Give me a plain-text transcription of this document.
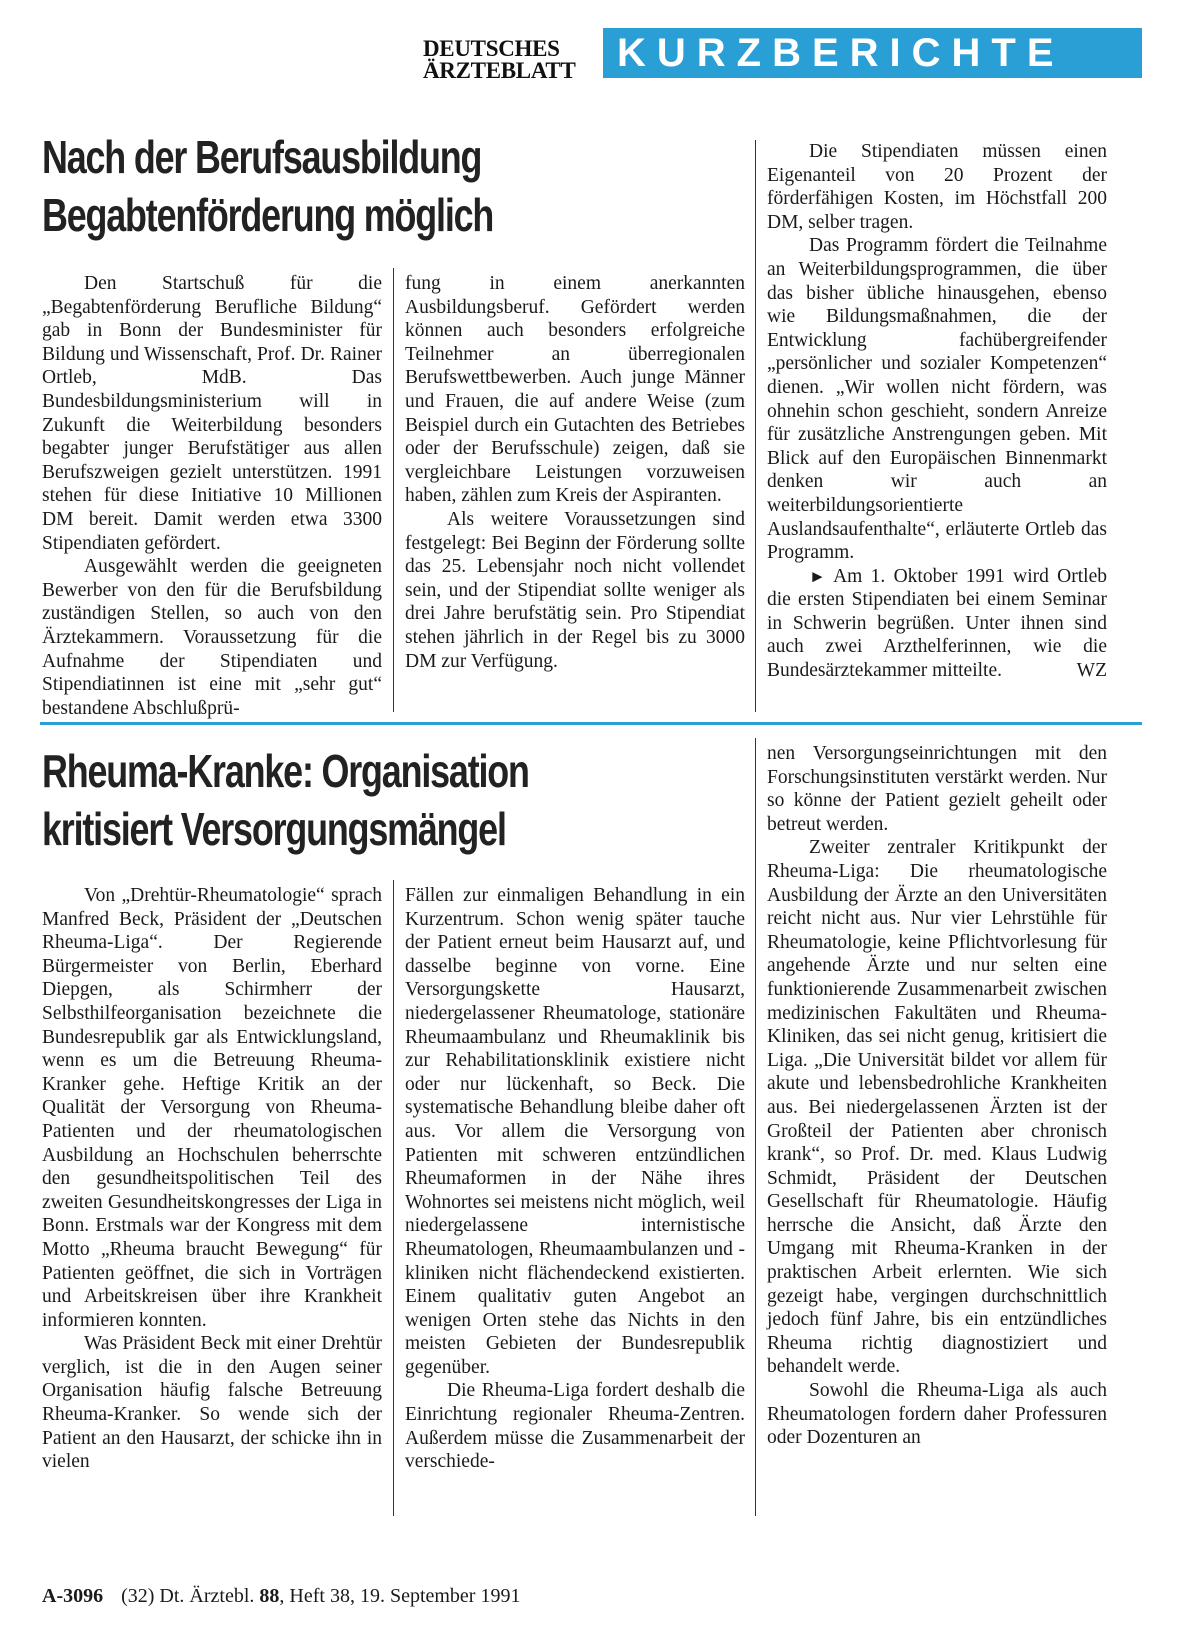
DEUTSCHES
ÄRZTEBLATT	KURZBERICHTE
Nach der Berufsausbildung
Begabtenförderung möglich

Den Startschuß für die „Begabtenförderung Berufliche Bildung“ gab in Bonn der Bundesminister für Bildung und Wissenschaft, Prof. Dr. Rainer Ortleb, MdB. Das Bundesbildungsministerium will in Zukunft die Weiterbildung besonders begabter junger Berufstätiger aus allen Berufszweigen gezielt unterstützen. 1991 stehen für diese Initiative 10 Millionen DM bereit. Damit werden etwa 3300 Stipendiaten gefördert.

Ausgewählt werden die geeigneten Bewerber von den für die Berufsbildung zuständigen Stellen, so auch von den Ärztekammern. Voraussetzung für die Aufnahme der Stipendiaten und Stipendiatinnen ist eine mit „sehr gut“ bestandene Abschlußprü-

fung in einem anerkannten Ausbildungsberuf. Gefördert werden können auch besonders erfolgreiche Teilnehmer an überregionalen Berufswettbewerben. Auch junge Männer und Frauen, die auf andere Weise (zum Beispiel durch ein Gutachten des Betriebes oder der Berufsschule) zeigen, daß sie vergleichbare Leistungen vorzuweisen haben, zählen zum Kreis der Aspiranten.

Als weitere Voraussetzungen sind festgelegt: Bei Beginn der Förderung sollte das 25. Lebensjahr noch nicht vollendet sein, und der Stipendiat sollte weniger als drei Jahre berufstätig sein. Pro Stipendiat stehen jährlich in der Regel bis zu 3000 DM zur Verfügung.

Die Stipendiaten müssen einen Eigenanteil von 20 Prozent der förderfähigen Kosten, im Höchstfall 200 DM, selber tragen.

Das Programm fördert die Teilnahme an Weiterbildungsprogrammen, die über das bisher übliche hinausgehen, ebenso wie Bildungsmaßnahmen, die der Entwicklung fachübergreifender „persönlicher und sozialer Kompetenzen“ dienen. „Wir wollen nicht fördern, was ohnehin schon geschieht, sondern Anreize für zusätzliche Anstrengungen geben. Mit Blick auf den Europäischen Binnenmarkt denken wir auch an weiterbildungsorientierte Auslandsaufenthalte“, erläuterte Ortleb das Programm.

► Am 1. Oktober 1991 wird Ortleb die ersten Stipendiaten bei einem Seminar in Schwerin begrüßen. Unter ihnen sind auch zwei Arzthelferinnen, wie die Bundesärztekammer mitteilte.	WZ

Rheuma-Kranke: Organisation
kritisiert Versorgungsmängel

Von „Drehtür-Rheumatologie“ sprach Manfred Beck, Präsident der „Deutschen Rheuma-Liga“. Der Regierende Bürgermeister von Berlin, Eberhard Diepgen, als Schirmherr der Selbsthilfeorganisation bezeichnete die Bundesrepublik gar als Entwicklungsland, wenn es um die Betreuung Rheuma-Kranker gehe. Heftige Kritik an der Qualität der Versorgung von Rheuma-Patienten und der rheumatologischen Ausbildung an Hochschulen beherrschte den gesundheitspolitischen Teil des zweiten Gesundheitskongresses der Liga in Bonn. Erstmals war der Kongress mit dem Motto „Rheuma braucht Bewegung“ für Patienten geöffnet, die sich in Vorträgen und Arbeitskreisen über ihre Krankheit informieren konnten.

Was Präsident Beck mit einer Drehtür verglich, ist die in den Augen seiner Organisation häufig falsche Betreuung Rheuma-Kranker. So wende sich der Patient an den Hausarzt, der schicke ihn in vielen

Fällen zur einmaligen Behandlung in ein Kurzentrum. Schon wenig später tauche der Patient erneut beim Hausarzt auf, und dasselbe beginne von vorne. Eine Versorgungskette Hausarzt, niedergelassener Rheumatologe, stationäre Rheumaambulanz und Rheumaklinik bis zur Rehabilitationsklinik existiere nicht oder nur lückenhaft, so Beck. Die systematische Behandlung bleibe daher oft aus. Vor allem die Versorgung von Patienten mit schweren entzündlichen Rheumaformen in der Nähe ihres Wohnortes sei meistens nicht möglich, weil niedergelassene internistische Rheumatologen, Rheumaambulanzen und -kliniken nicht flächendeckend existierten. Einem qualitativ guten Angebot an wenigen Orten stehe das Nichts in den meisten Gebieten der Bundesrepublik gegenüber.

Die Rheuma-Liga fordert deshalb die Einrichtung regionaler Rheuma-Zentren. Außerdem müsse die Zusammenarbeit der verschiede-

nen Versorgungseinrichtungen mit den Forschungsinstituten verstärkt werden. Nur so könne der Patient gezielt geheilt oder betreut werden.

Zweiter zentraler Kritikpunkt der Rheuma-Liga: Die rheumatologische Ausbildung der Ärzte an den Universitäten reicht nicht aus. Nur vier Lehrstühle für Rheumatologie, keine Pflichtvorlesung für angehende Ärzte und nur selten eine funktionierende Zusammenarbeit zwischen medizinischen Fakultäten und Rheuma-Kliniken, das sei nicht genug, kritisiert die Liga. „Die Universität bildet vor allem für akute und lebensbedrohliche Krankheiten aus. Bei niedergelassenen Ärzten ist der Großteil der Patienten aber chronisch krank“, so Prof. Dr. med. Klaus Ludwig Schmidt, Präsident der Deutschen Gesellschaft für Rheumatologie. Häufig herrsche die Ansicht, daß Ärzte den Umgang mit Rheuma-Kranken in der praktischen Arbeit erlernten. Wie sich gezeigt habe, vergingen durchschnittlich jedoch fünf Jahre, bis ein entzündliches Rheuma richtig diagnostiziert und behandelt werde.

Sowohl die Rheuma-Liga als auch Rheumatologen fordern daher Professuren oder Dozenturen an

A-3096 (32) Dt. Ärztebl. 88, Heft 38, 19. September 1991
